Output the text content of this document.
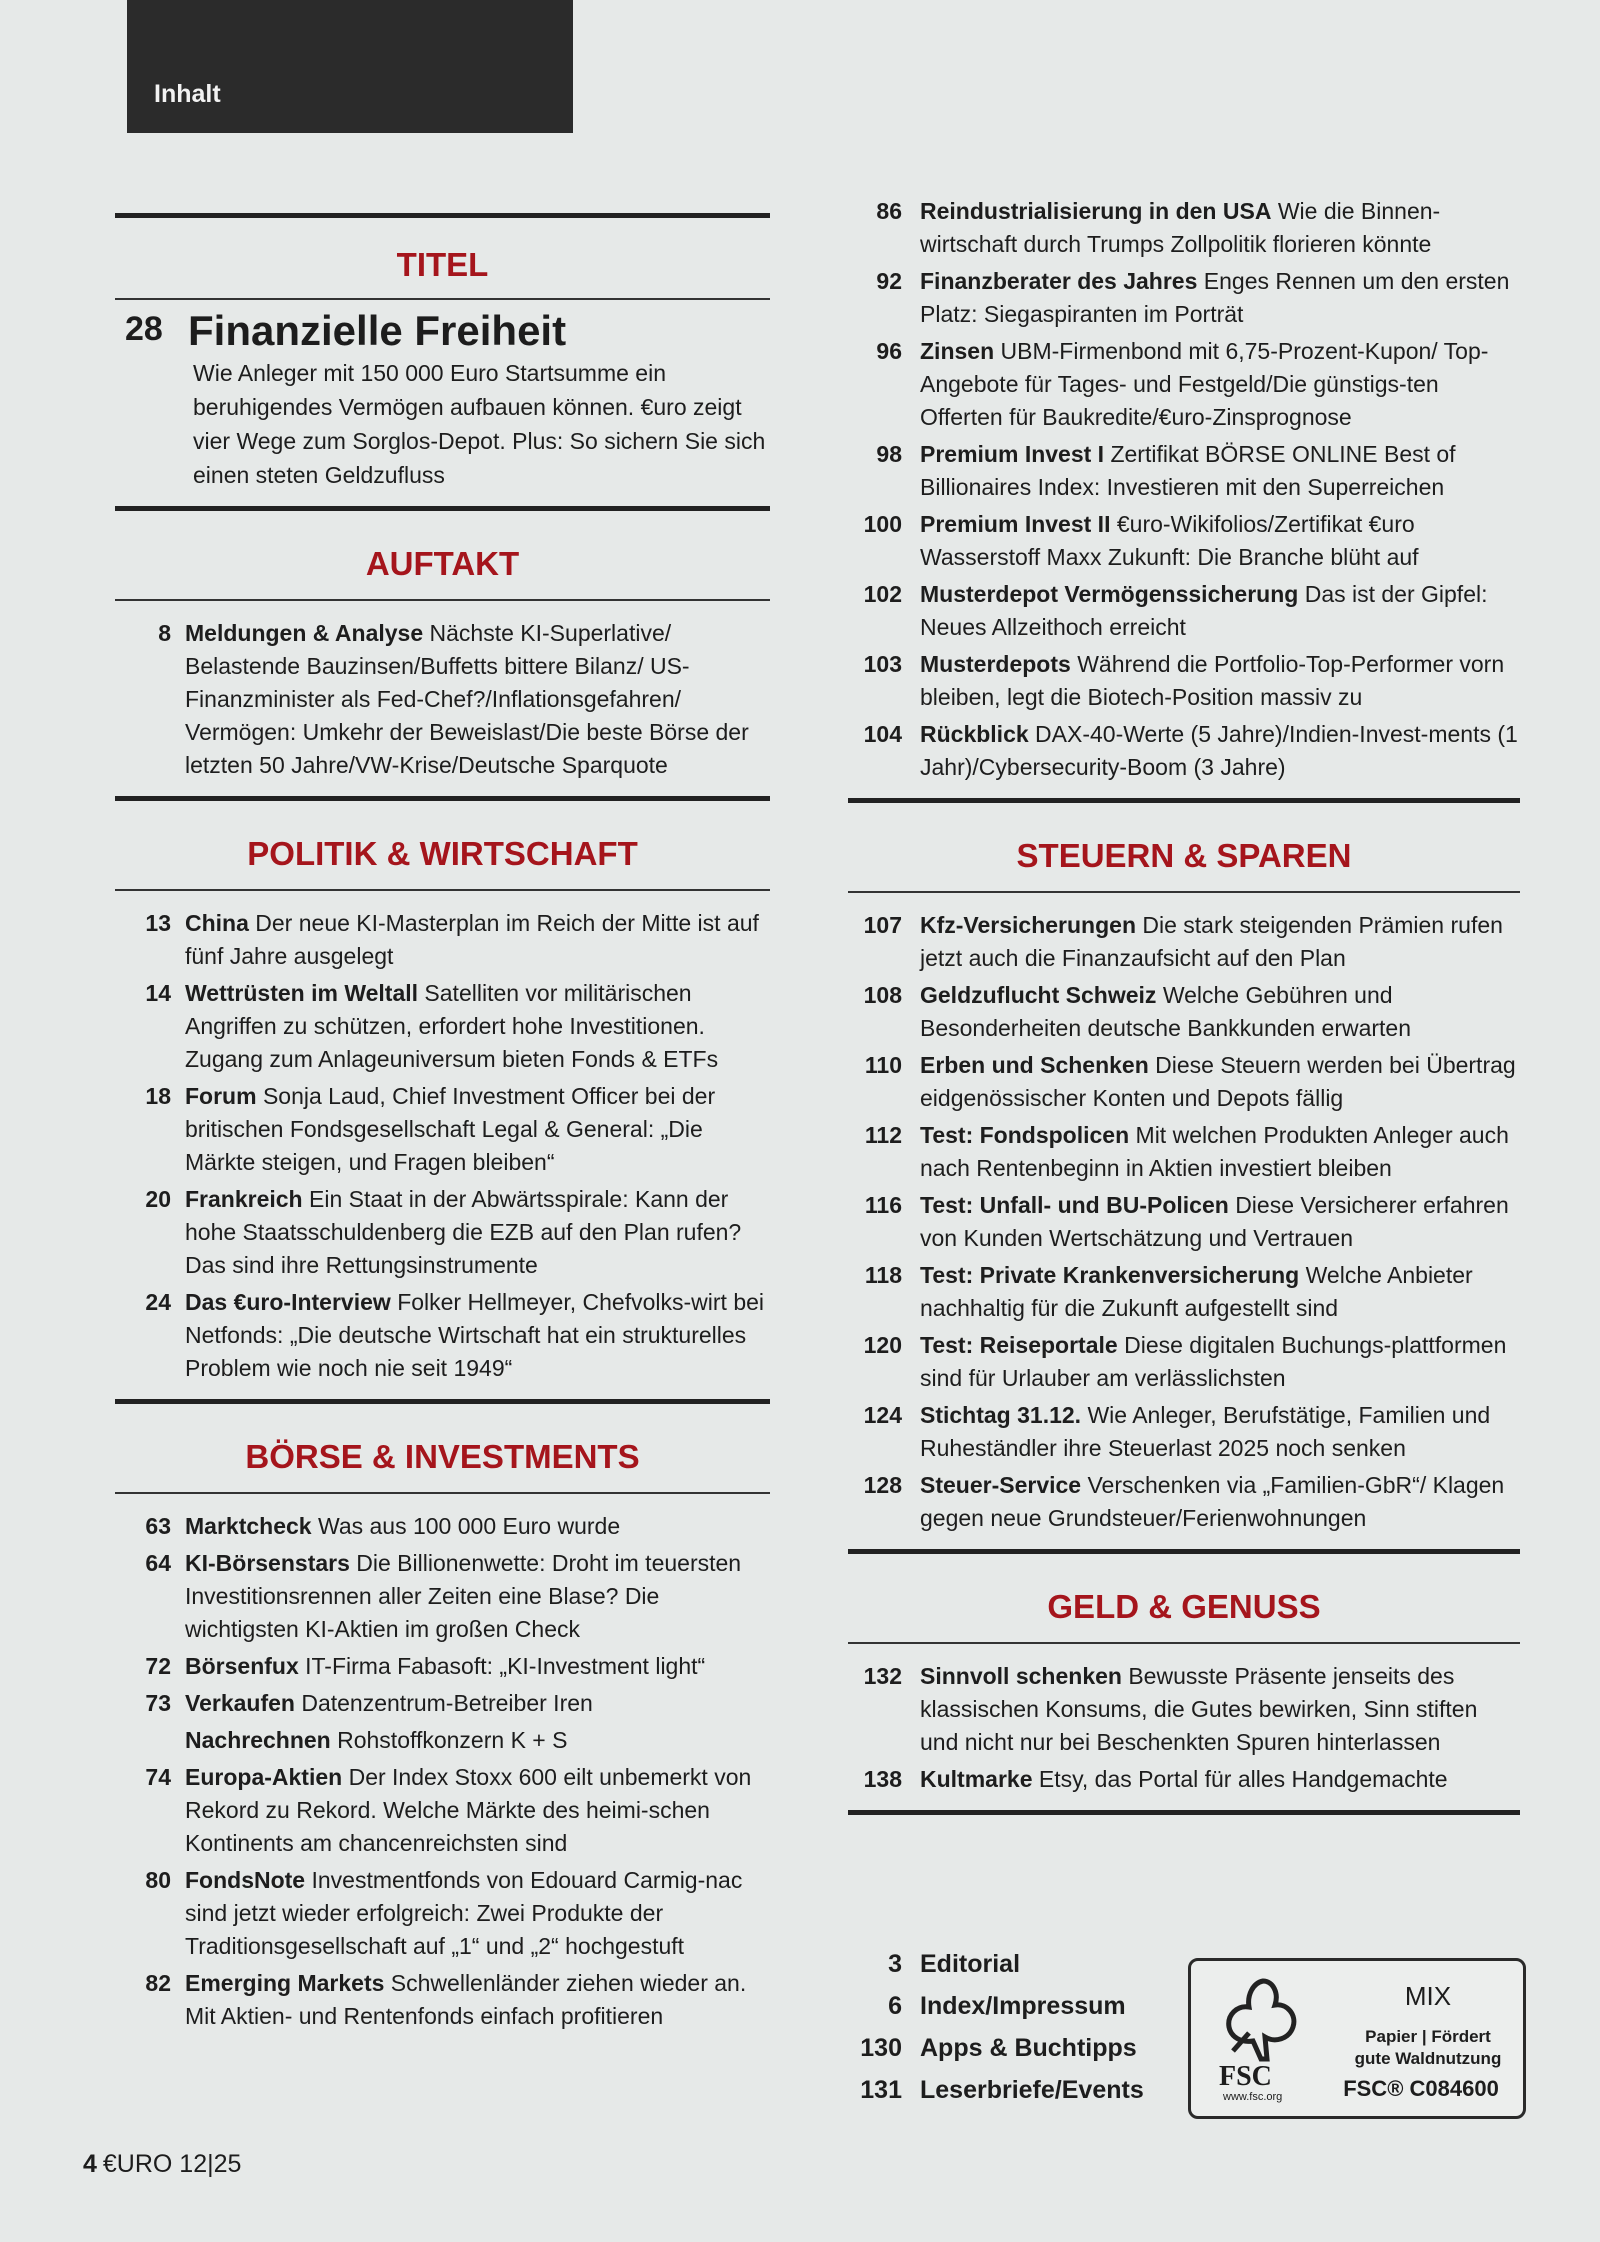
Inhalt
TITEL
28 Finanzielle Freiheit
Wie Anleger mit 150 000 Euro Startsumme ein beruhigendes Vermögen aufbauen können. €uro zeigt vier Wege zum Sorglos-Depot. Plus: So sichern Sie sich einen steten Geldzufluss
AUFTAKT
8 Meldungen & Analyse Nächste KI-Superlative/ Belastende Bauzinsen/Buffetts bittere Bilanz/ US-Finanzminister als Fed-Chef?/Inflationsgefahren/ Vermögen: Umkehr der Beweislast/Die beste Börse der letzten 50 Jahre/VW-Krise/Deutsche Sparquote
POLITIK & WIRTSCHAFT
13 China Der neue KI-Masterplan im Reich der Mitte ist auf fünf Jahre ausgelegt
14 Wettrüsten im Weltall Satelliten vor militärischen Angriffen zu schützen, erfordert hohe Investitionen. Zugang zum Anlageuniversum bieten Fonds & ETFs
18 Forum Sonja Laud, Chief Investment Officer bei der britischen Fondsgesellschaft Legal & General: „Die Märkte steigen, und Fragen bleiben“
20 Frankreich Ein Staat in der Abwärtsspirale: Kann der hohe Staatsschuldenberg die EZB auf den Plan rufen? Das sind ihre Rettungsinstrumente
24 Das €uro-Interview Folker Hellmeyer, Chefvolks-wirt bei Netfonds: „Die deutsche Wirtschaft hat ein strukturelles Problem wie noch nie seit 1949“
BÖRSE & INVESTMENTS
63 Marktcheck Was aus 100 000 Euro wurde
64 KI-Börsenstars Die Billionenwette: Droht im teuersten Investitionsrennen aller Zeiten eine Blase? Die wichtigsten KI-Aktien im großen Check
72 Börsenfux IT-Firma Fabasoft: „KI-Investment light“
73 Verkaufen Datenzentrum-Betreiber Iren
Nachrechnen Rohstoffkonzern K + S
74 Europa-Aktien Der Index Stoxx 600 eilt unbemerkt von Rekord zu Rekord. Welche Märkte des heimi-schen Kontinents am chancenreichsten sind
80 FondsNote Investmentfonds von Edouard Carmig-nac sind jetzt wieder erfolgreich: Zwei Produkte der Traditionsgesellschaft auf „1“ und „2“ hochgestuft
82 Emerging Markets Schwellenländer ziehen wieder an. Mit Aktien- und Rentenfonds einfach profitieren
86 Reindustrialisierung in den USA Wie die Binnen-wirtschaft durch Trumps Zollpolitik florieren könnte
92 Finanzberater des Jahres Enges Rennen um den ersten Platz: Siegaspiranten im Porträt
96 Zinsen UBM-Firmenbond mit 6,75-Prozent-Kupon/ Top-Angebote für Tages- und Festgeld/Die günstigs-ten Offerten für Baukredite/€uro-Zinsprognose
98 Premium Invest I Zertifikat BÖRSE ONLINE Best of Billionaires Index: Investieren mit den Superreichen
100 Premium Invest II €uro-Wikifolios/Zertifikat €uro Wasserstoff Maxx Zukunft: Die Branche blüht auf
102 Musterdepot Vermögenssicherung Das ist der Gipfel: Neues Allzeithoch erreicht
103 Musterdepots Während die Portfolio-Top-Performer vorn bleiben, legt die Biotech-Position massiv zu
104 Rückblick DAX-40-Werte (5 Jahre)/Indien-Invest-ments (1 Jahr)/Cybersecurity-Boom (3 Jahre)
STEUERN & SPAREN
107 Kfz-Versicherungen Die stark steigenden Prämien rufen jetzt auch die Finanzaufsicht auf den Plan
108 Geldzuflucht Schweiz Welche Gebühren und Besonderheiten deutsche Bankkunden erwarten
110 Erben und Schenken Diese Steuern werden bei Übertrag eidgenössischer Konten und Depots fällig
112 Test: Fondspolicen Mit welchen Produkten Anleger auch nach Rentenbeginn in Aktien investiert bleiben
116 Test: Unfall- und BU-Policen Diese Versicherer erfahren von Kunden Wertschätzung und Vertrauen
118 Test: Private Krankenversicherung Welche Anbieter nachhaltig für die Zukunft aufgestellt sind
120 Test: Reiseportale Diese digitalen Buchungs-plattformen sind für Urlauber am verlässlichsten
124 Stichtag 31.12. Wie Anleger, Berufstätige, Familien und Ruheständler ihre Steuerlast 2025 noch senken
128 Steuer-Service Verschenken via „Familien-GbR“/ Klagen gegen neue Grundsteuer/Ferienwohnungen
GELD & GENUSS
132 Sinnvoll schenken Bewusste Präsente jenseits des klassischen Konsums, die Gutes bewirken, Sinn stiften und nicht nur bei Beschenkten Spuren hinterlassen
138 Kultmarke Etsy, das Portal für alles Handgemachte
3 Editorial
6 Index/Impressum
130 Apps & Buchtipps
131 Leserbriefe/Events	FSC
www.fsc.org
MIX
Papier | Fördert
gute Waldnutzung
FSC® C084600
4 €URO 12|25
